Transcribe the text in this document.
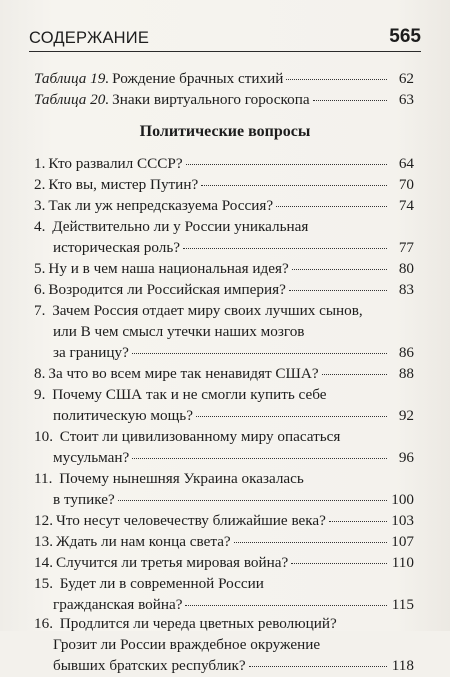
СОДЕРЖАНИЕ	565
Таблица 19. Рождение брачных стихий	62
Таблица 20. Знаки виртуального гороскопа	63
Политические вопросы
1. Кто развалил СССР?	64
2. Кто вы, мистер Путин?	70
3. Так ли уж непредсказуема Россия?	74
4. Действительно ли у России уникальная
историческая роль?	77
5. Ну и в чем наша национальная идея?	80
6. Возродится ли Российская империя?	83
7. Зачем Россия отдает миру своих лучших сынов,
или В чем смысл утечки наших мозгов
за границу?	86
8. За что во всем мире так ненавидят США?	88
9. Почему США так и не смогли купить себе
политическую мощь?	92
10. Стоит ли цивилизованному миру опасаться
мусульман?	96
11. Почему нынешняя Украина оказалась
в тупике?	100
12. Что несут человечеству ближайшие века?	103
13. Ждать ли нам конца света?	107
14. Случится ли третья мировая война?	110
15. Будет ли в современной России
гражданская война?	115
16. Продлится ли череда цветных революций?
Грозит ли России враждебное окружение
бывших братских республик?	118
